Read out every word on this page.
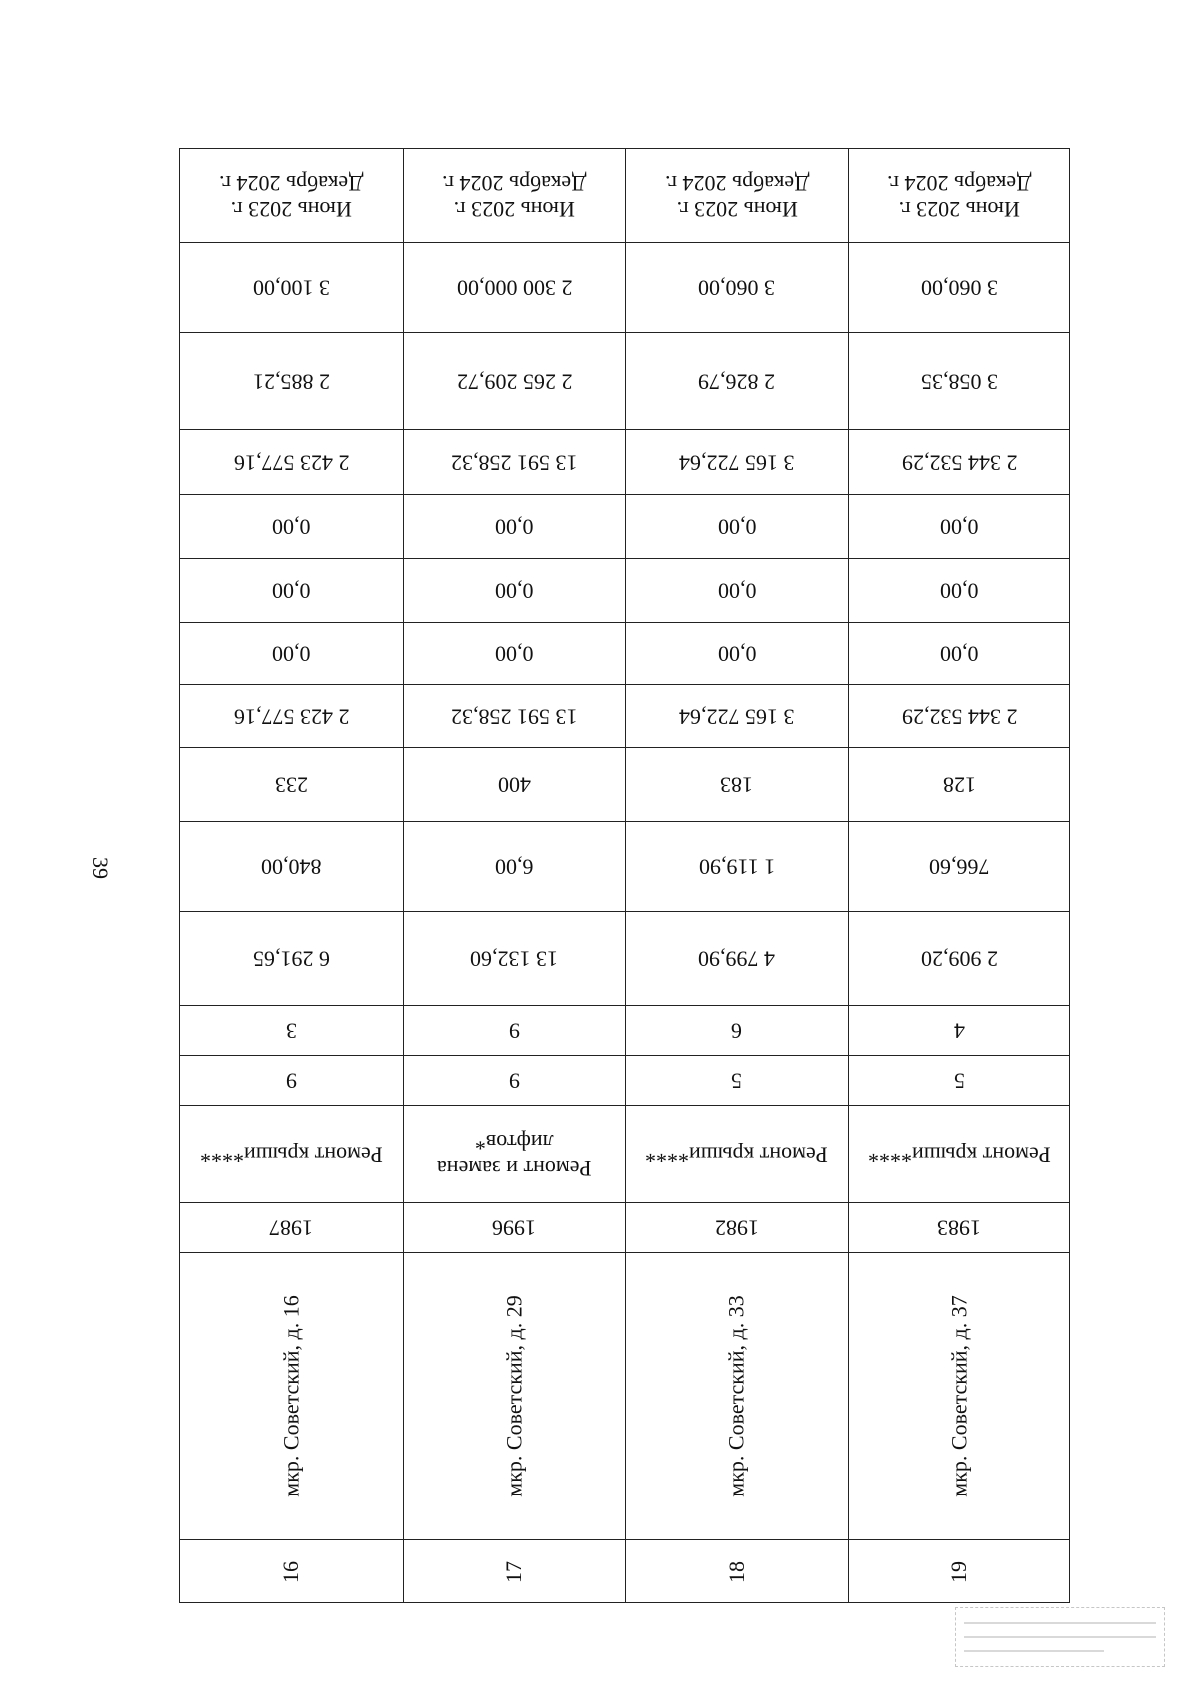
39
Июнь 2023 г.
Декабрь 2024 г.
3 100,00
2 885,21
2 423 577,16
0,00
0,00
0,00
2 423 577,16
233
840,00
6 291,65
3
9
Ремонт крыши****
1987
мкр. Советский, д. 16
16
Июнь 2023 г.
Декабрь 2024 г.
2 300 000,00
2 265 209,72
13 591 258,32
0,00
0,00
0,00
13 591 258,32
400
6,00
13 132,60
9
9
Ремонт и замена
лифтов*
1996
мкр. Советский, д. 29
17
Июнь 2023 г.
Декабрь 2024 г.
3 060,00
2 826,79
3 165 722,64
0,00
0,00
0,00
3 165 722,64
183
1 119,90
4 799,90
6
5
Ремонт крыши****
1982
мкр. Советский, д. 33
18
Июнь 2023 г.
Декабрь 2024 г.
3 060,00
3 058,35
2 344 532,29
0,00
0,00
0,00
2 344 532,29
128
766,60
2 909,20
4
5
Ремонт крыши****
1983
мкр. Советский, д. 37
19
